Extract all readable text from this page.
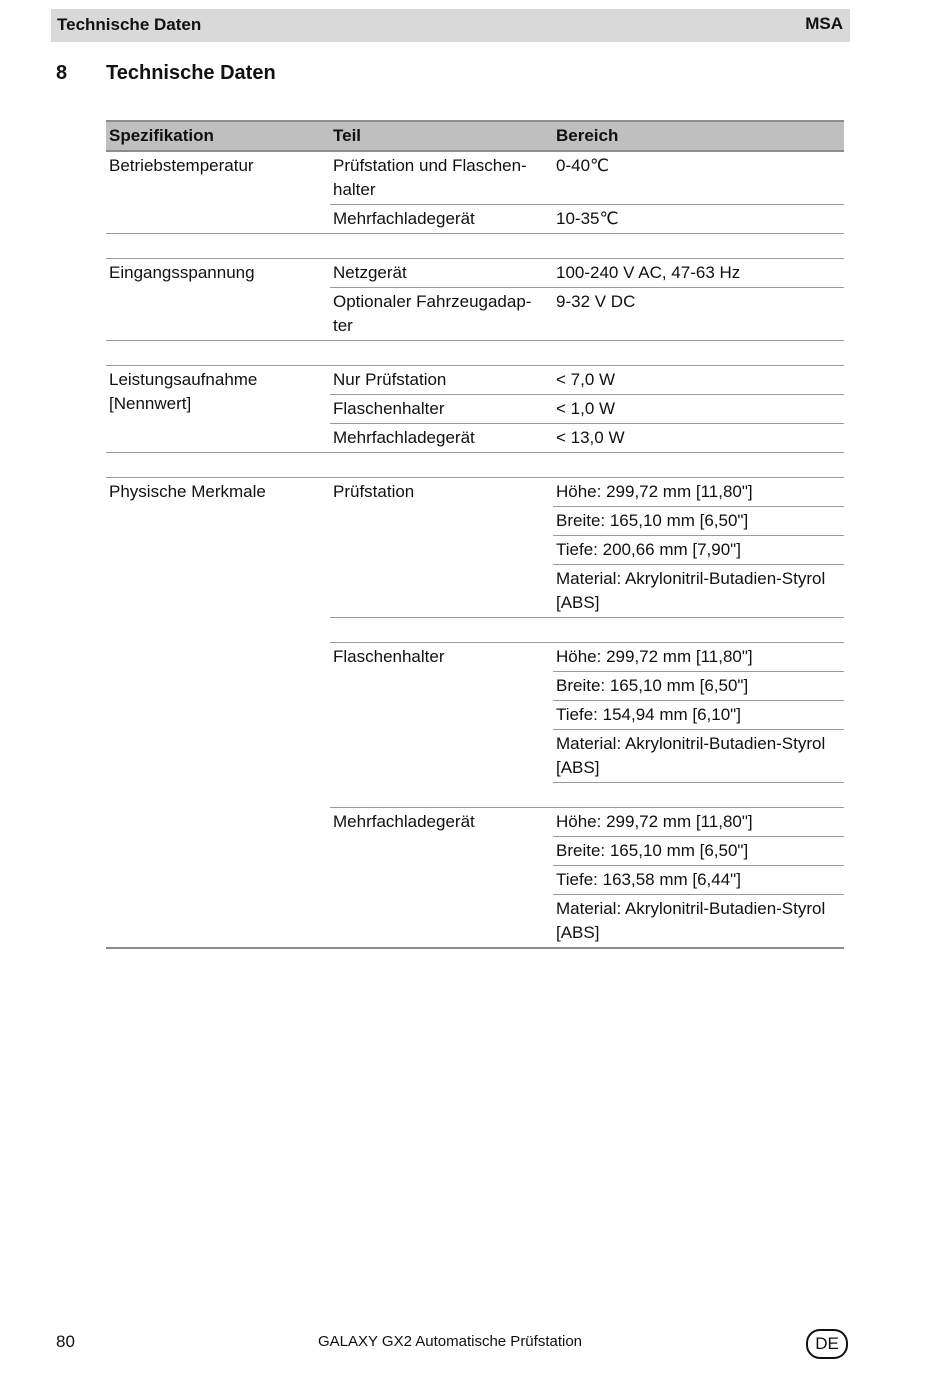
Technische Daten	MSA
8 Technische Daten
Spezifikation	Teil	Bereich
Betriebstemperatur	Prüfstation und Flaschen-halter	0-40℃
	Mehrfachladegerät	10-35℃

Eingangsspannung	Netzgerät	100-240 V AC, 47-63 Hz
	Optionaler Fahrzeugadap-ter	9-32 V DC

Leistungsaufnahme [Nennwert]	Nur Prüfstation	< 7,0 W
	Flaschenhalter	< 1,0 W
	Mehrfachladegerät	< 13,0 W

Physische Merkmale	Prüfstation	Höhe: 299,72 mm [11,80"]
		Breite: 165,10 mm [6,50"]
		Tiefe: 200,66 mm [7,90"]
		Material: Akrylonitril-Butadien-Styrol [ABS]

	Flaschenhalter	Höhe: 299,72 mm [11,80"]
		Breite: 165,10 mm [6,50"]
		Tiefe: 154,94 mm [6,10"]
		Material: Akrylonitril-Butadien-Styrol [ABS]

	Mehrfachladegerät	Höhe: 299,72 mm [11,80"]
		Breite: 165,10 mm [6,50"]
		Tiefe: 163,58 mm [6,44"]
		Material: Akrylonitril-Butadien-Styrol [ABS]
80	GALAXY GX2 Automatische Prüfstation	DE
